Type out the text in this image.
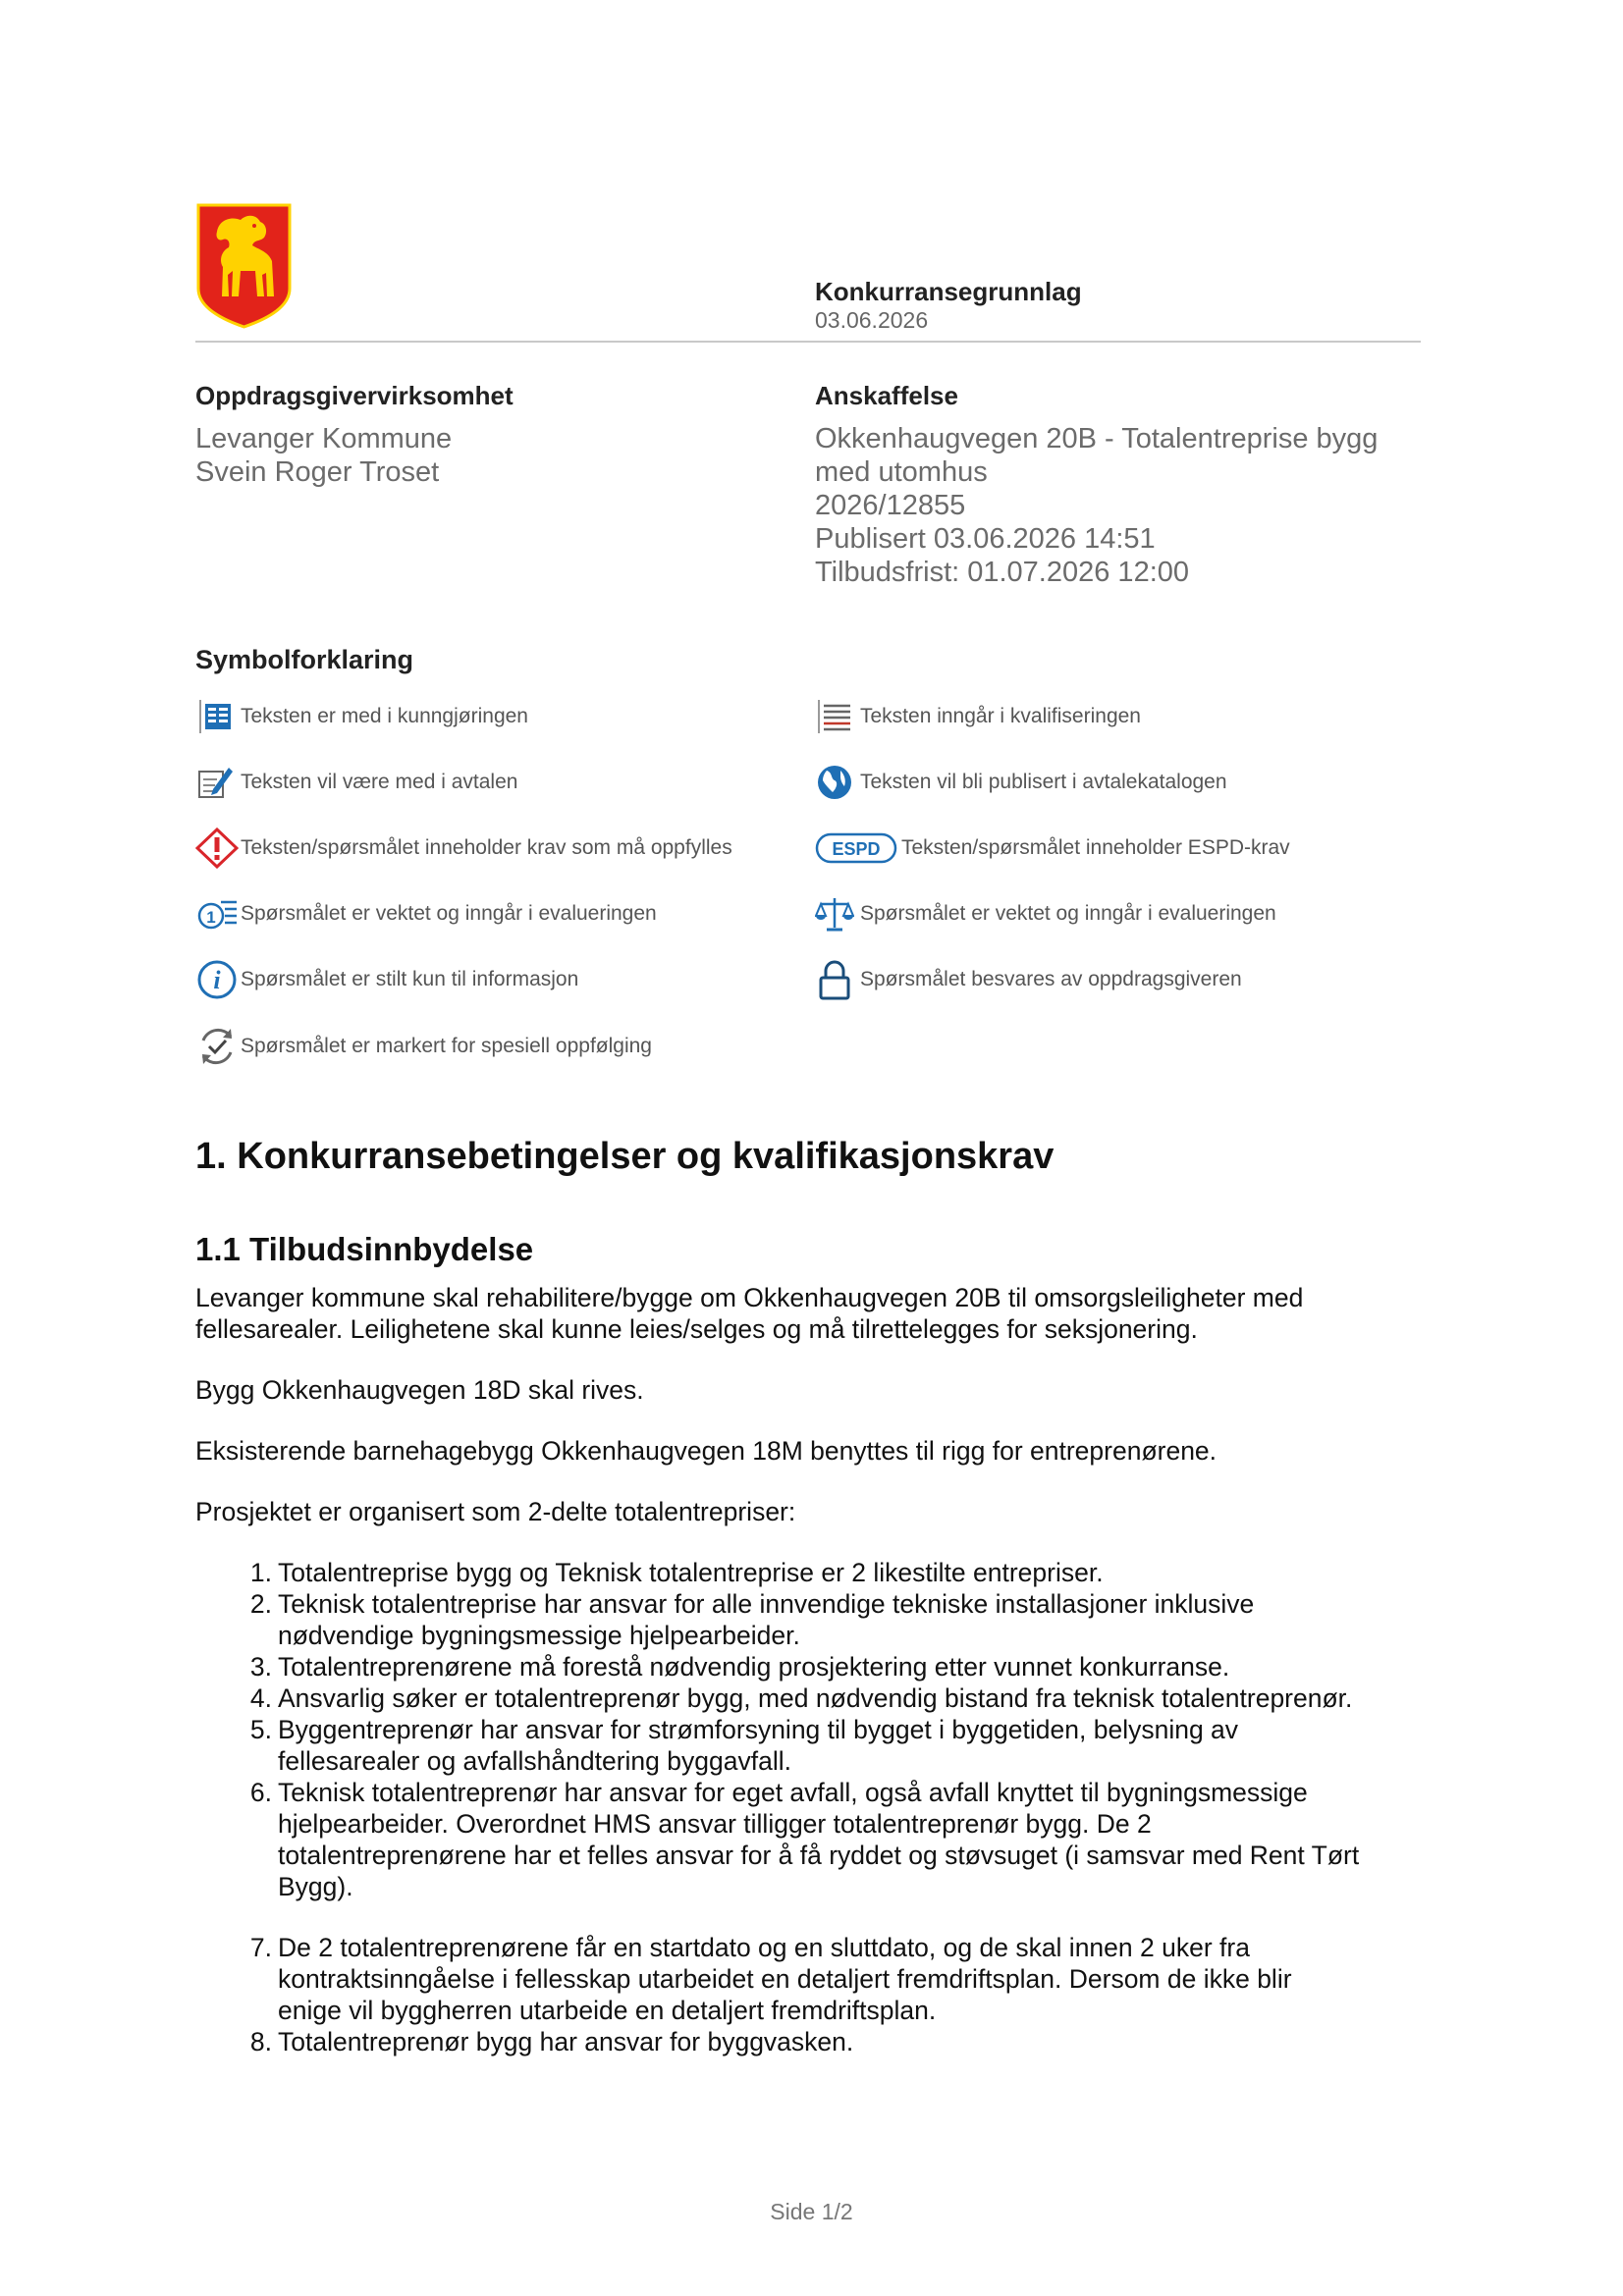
Konkurransegrunnlag
03.06.2026
Oppdragsgivervirksomhet
Levanger Kommune
Svein Roger Troset
Anskaffelse
Okkenhaugvegen 20B - Totalentreprise bygg
med utomhus
2026/12855
Publisert 03.06.2026 14:51
Tilbudsfrist: 01.07.2026 12:00
Symbolforklaring
Teksten er med i kunngjøringen
Teksten vil være med i avtalen
Teksten/spørsmålet inneholder krav som må oppfylles
1 Spørsmålet er vektet og inngår i evalueringen
i Spørsmålet er stilt kun til informasjon
Spørsmålet er markert for spesiell oppfølging
Teksten inngår i kvalifiseringen
Teksten vil bli publisert i avtalekatalogen
ESPD Teksten/spørsmålet inneholder ESPD-krav
Spørsmålet er vektet og inngår i evalueringen
Spørsmålet besvares av oppdragsgiveren
1. Konkurransebetingelser og kvalifikasjonskrav
1.1 Tilbudsinnbydelse
Levanger kommune skal rehabilitere/bygge om Okkenhaugvegen 20B til omsorgsleiligheter med
fellesarealer. Leilighetene skal kunne leies/selges og må tilrettelegges for seksjonering.
Bygg Okkenhaugvegen 18D skal rives.
Eksisterende barnehagebygg Okkenhaugvegen 18M benyttes til rigg for entreprenørene.
Prosjektet er organisert som 2-delte totalentrepriser:
1. Totalentreprise bygg og Teknisk totalentreprise er 2 likestilte entrepriser.
2. Teknisk totalentreprise har ansvar for alle innvendige tekniske installasjoner inklusive
nødvendige bygningsmessige hjelpearbeider.
3. Totalentreprenørene må forestå nødvendig prosjektering etter vunnet konkurranse.
4. Ansvarlig søker er totalentreprenør bygg, med nødvendig bistand fra teknisk totalentreprenør.
5. Byggentreprenør har ansvar for strømforsyning til bygget i byggetiden, belysning av
fellesarealer og avfallshåndtering byggavfall.
6. Teknisk totalentreprenør har ansvar for eget avfall, også avfall knyttet til bygningsmessige
hjelpearbeider. Overordnet HMS ansvar tilligger totalentreprenør bygg. De 2
totalentreprenørene har et felles ansvar for å få ryddet og støvsuget (i samsvar med Rent Tørt
Bygg).
7. De 2 totalentreprenørene får en startdato og en sluttdato, og de skal innen 2 uker fra
kontraktsinngåelse i fellesskap utarbeidet en detaljert fremdriftsplan. Dersom de ikke blir
enige vil byggherren utarbeide en detaljert fremdriftsplan.
8. Totalentreprenør bygg har ansvar for byggvasken.
Side 1/2
